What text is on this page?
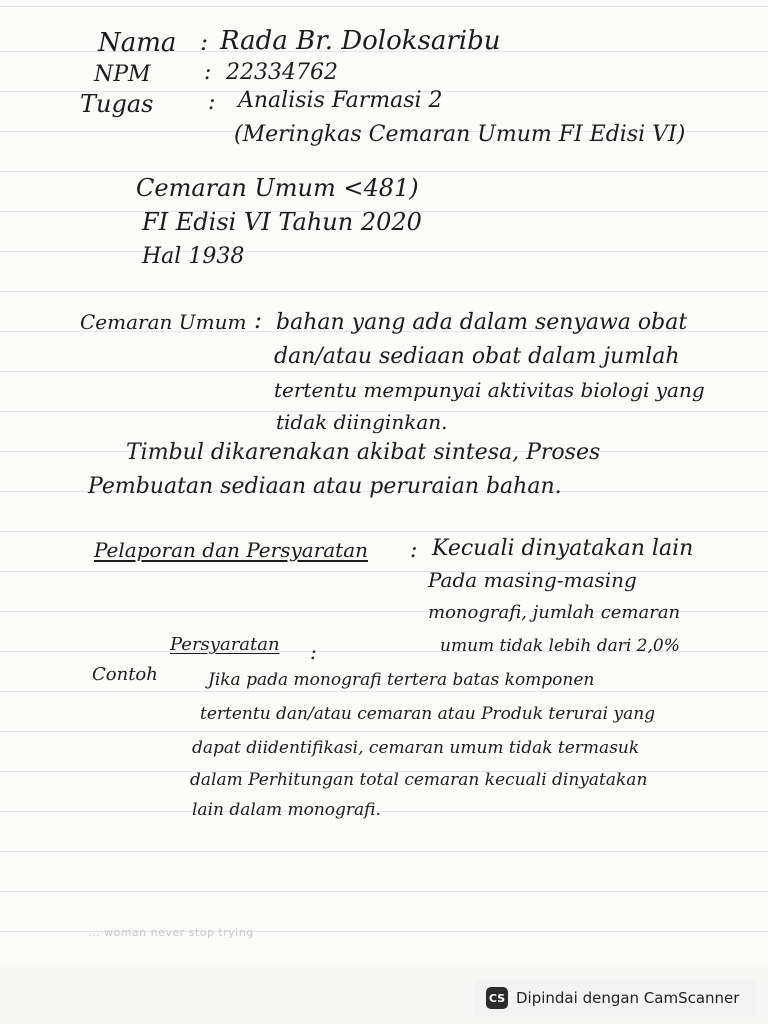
Nama : Rada Br. Doloksaribu
NPM : 22334762
Tugas : Analisis Farmasi 2
(Meringkas Cemaran Umum FI Edisi VI)
Cemaran Umum <481)
FI Edisi VI Tahun 2020
Hal 1938
Cemaran Umum : bahan yang ada dalam senyawa obat
dan/atau sediaan obat dalam jumlah
tertentu mempunyai aktivitas biologi yang
tidak diinginkan.
Timbul dikarenakan akibat sintesa, Proses
Pembuatan sediaan atau peruraian bahan.
Pelaporan dan Persyaratan : Kecuali dinyatakan lain
Pada masing-masing
monografi, jumlah cemaran
umum tidak lebih dari 2,0%
Persyaratan :
Contoh	Jika pada monografi tertera batas komponen
tertentu dan/atau cemaran atau Produk terurai yang
dapat diidentifikasi, cemaran umum tidak termasuk
dalam Perhitungan total cemaran kecuali dinyatakan
lain dalam monografi.
... woman never stop trying
CS Dipindai dengan CamScanner
